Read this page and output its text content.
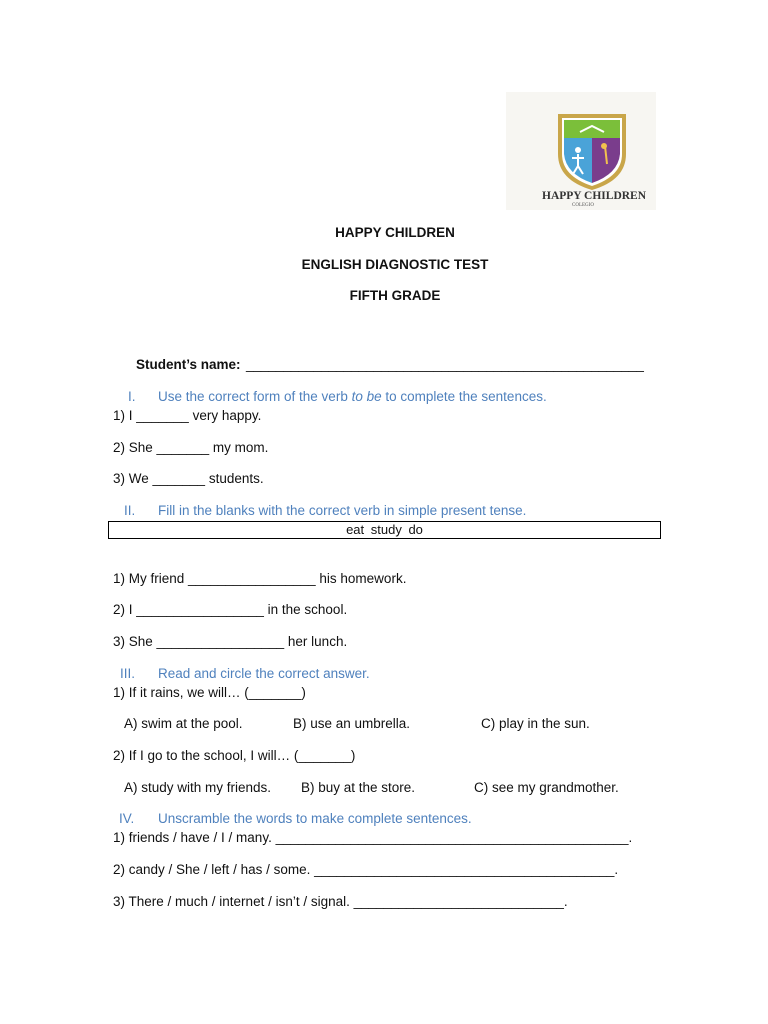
HAPPY CHILDREN
COLEGIO
HAPPY CHILDREN
ENGLISH DIAGNOSTIC TEST
FIFTH GRADE
Student’s name: _____________________________________________________
I. Use the correct form of the verb to be to complete the sentences.
1) I _______ very happy.
2) She _______ my mom.
3) We _______ students.
II. Fill in the blanks with the correct verb in simple present tense.
eat study do
1) My friend _________________ his homework.
2) I _________________ in the school.
3) She _________________ her lunch.
III. Read and circle the correct answer.
1) If it rains, we will… (_______)
A) swim at the pool.	B) use an umbrella.	C) play in the sun.
2) If I go to the school, I will… (_______)
A) study with my friends. B) buy at the store.	C) see my grandmother.
IV. Unscramble the words to make complete sentences.
1) friends / have / I / many. _______________________________________________.
2) candy / She / left / has / some. ________________________________________.
3) There / much / internet / isn’t / signal. ____________________________.
